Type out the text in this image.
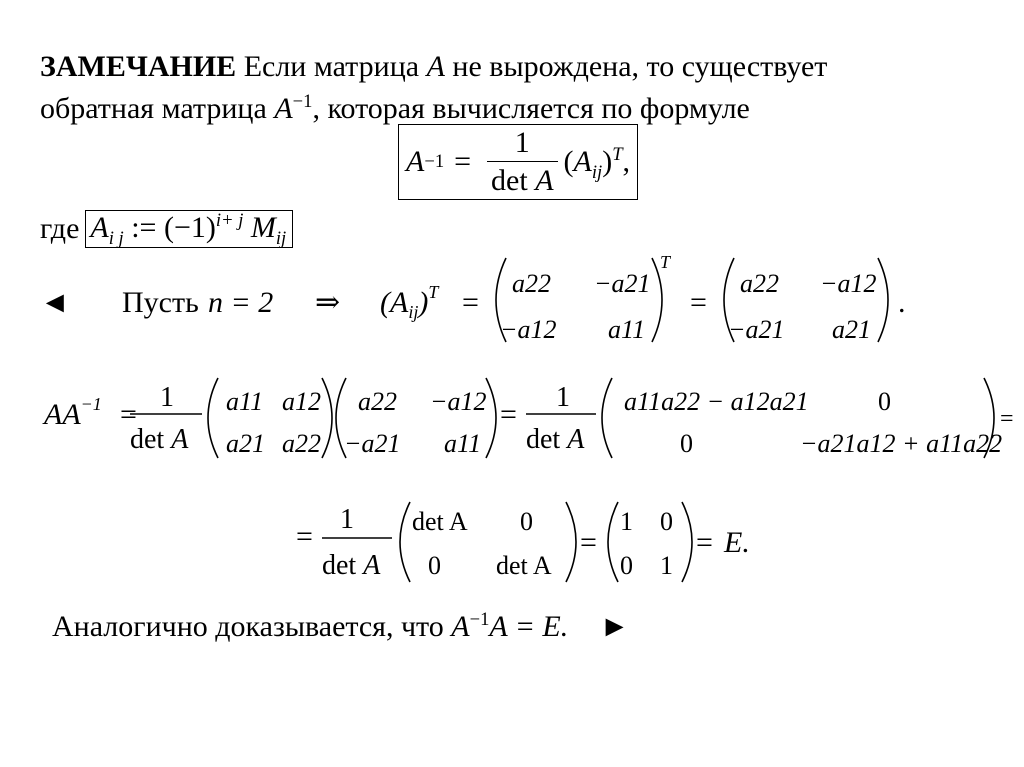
ЗАМЕЧАНИЕ Если матрица A не вырождена, то существует
обратная матрица $A^{-1}$, которая вычисляется по формуле
$A -1 = \frac{1}{\text{det A}} (A_{ij})^T$ ,
где $A_{i j}$ := $(-1)^{i+ j}$ $M_{ij}$
◄ Пусть n = 2 ⇒ $(A_{ij})^T$ =
a22 −a21
−a12 a11
T
=
a22 −a12
−a21 a21
.
$AA^{-1}$ =
1
det A
a11 a12
a21 a22
a22 −a12
−a21 a11
=
1
det A
a11a22 − a12a21	0
0	−a21a12 + a11a22
=
=
1
det A
det A 0
0 det A
=
1 0
0 1
= E.
Аналогично доказывается, что $A^{-1}A = E$. ►
